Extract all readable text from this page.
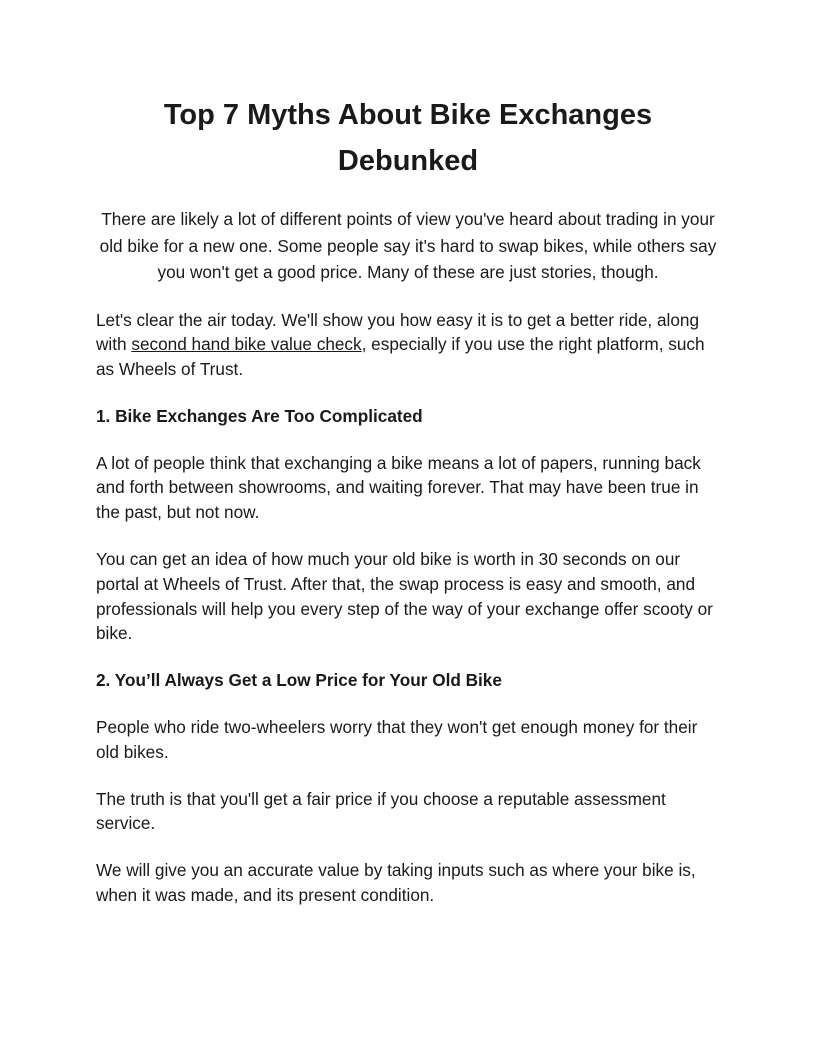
Top 7 Myths About Bike Exchanges Debunked

There are likely a lot of different points of view you've heard about trading in your old bike for a new one. Some people say it's hard to swap bikes, while others say you won't get a good price. Many of these are just stories, though.

Let's clear the air today. We'll show you how easy it is to get a better ride, along with second hand bike value check, especially if you use the right platform, such as Wheels of Trust.

1. Bike Exchanges Are Too Complicated

A lot of people think that exchanging a bike means a lot of papers, running back and forth between showrooms, and waiting forever. That may have been true in the past, but not now.

You can get an idea of how much your old bike is worth in 30 seconds on our portal at Wheels of Trust. After that, the swap process is easy and smooth, and professionals will help you every step of the way of your exchange offer scooty or bike.

2. You’ll Always Get a Low Price for Your Old Bike

People who ride two-wheelers worry that they won't get enough money for their old bikes.

The truth is that you'll get a fair price if you choose a reputable assessment service.

We will give you an accurate value by taking inputs such as where your bike is, when it was made, and its present condition.
